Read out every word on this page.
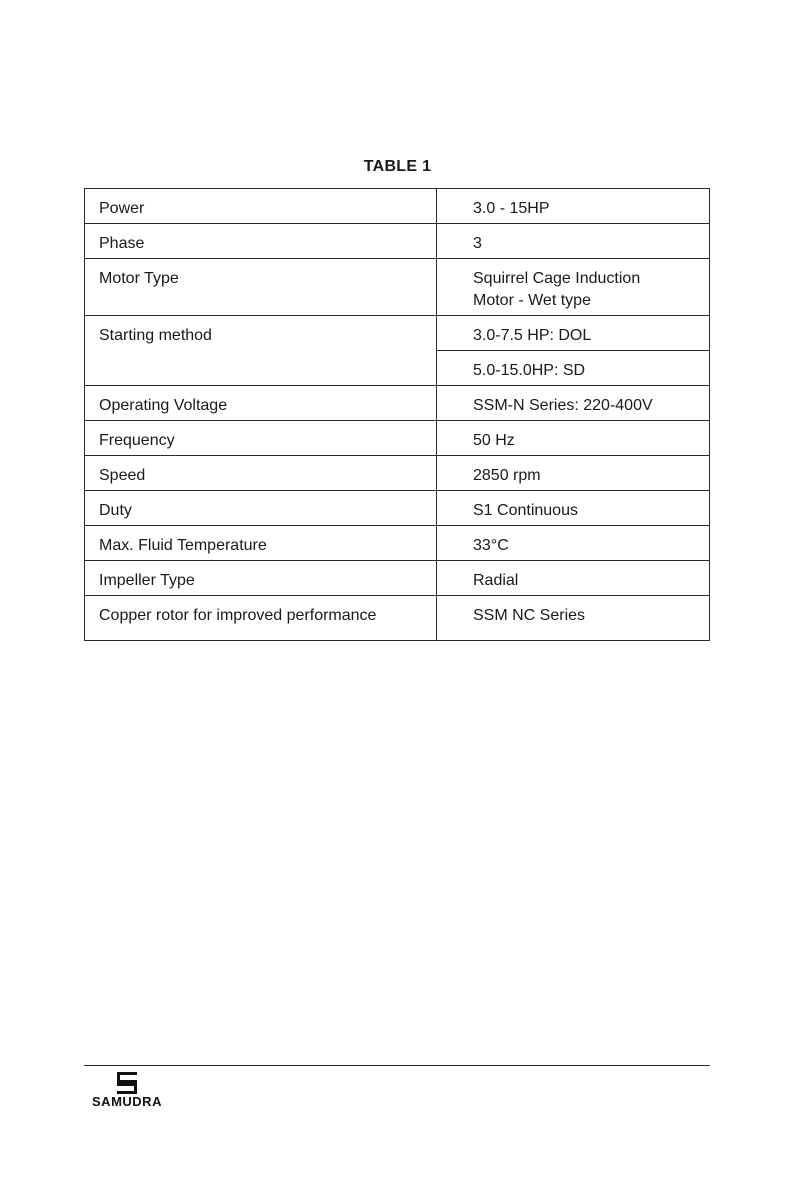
TABLE 1
Power	3.0 - 15HP
Phase	3
Motor Type	Squirrel Cage Induction
Motor - Wet type

Starting method	3.0-7.5 HP: DOL
	5.0-15.0HP: SD
Operating Voltage	SSM-N Series: 220-400V
Frequency	50 Hz
Speed	2850 rpm
Duty	S1 Continuous
Max. Fluid Temperature	33°C
Impeller Type	Radial
Copper rotor for improved performance	SSM NC Series
SAMUDRA
